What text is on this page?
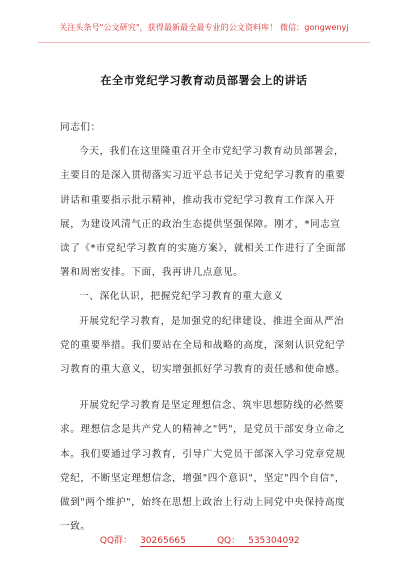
关注头条号"公文研究"，获得最新最全最专业的公文资料库！ 微信：gongwenyj
在全市党纪学习教育动员部署会上的讲话

同志们：

今天，我们在这里隆重召开全市党纪学习教育动员部署会，主要目的是深入贯彻落实习近平总书记关于党纪学习教育的重要讲话和重要指示批示精神，推动我市党纪学习教育工作深入开展，为建设风清气正的政治生态提供坚强保障。刚才，*同志宣读了《*市党纪学习教育的实施方案》，就相关工作进行了全面部署和周密安排。下面，我再讲几点意见。

一、深化认识，把握党纪学习教育的重大意义

开展党纪学习教育，是加强党的纪律建设、推进全面从严治党的重要举措。我们要站在全局和战略的高度，深刻认识党纪学习教育的重大意义，切实增强抓好学习教育的责任感和使命感。

开展党纪学习教育是坚定理想信念、筑牢思想防线的必然要求。理想信念是共产党人的精神之"钙"，是党员干部安身立命之本。我们要通过学习教育，引导广大党员干部深入学习党章党规党纪，不断坚定理想信念，增强"四个意识"，坚定"四个自信"，做到"两个维护"，始终在思想上政治上行动上同党中央保持高度一致。

QQ群： 30265665	QQ： 535304092
